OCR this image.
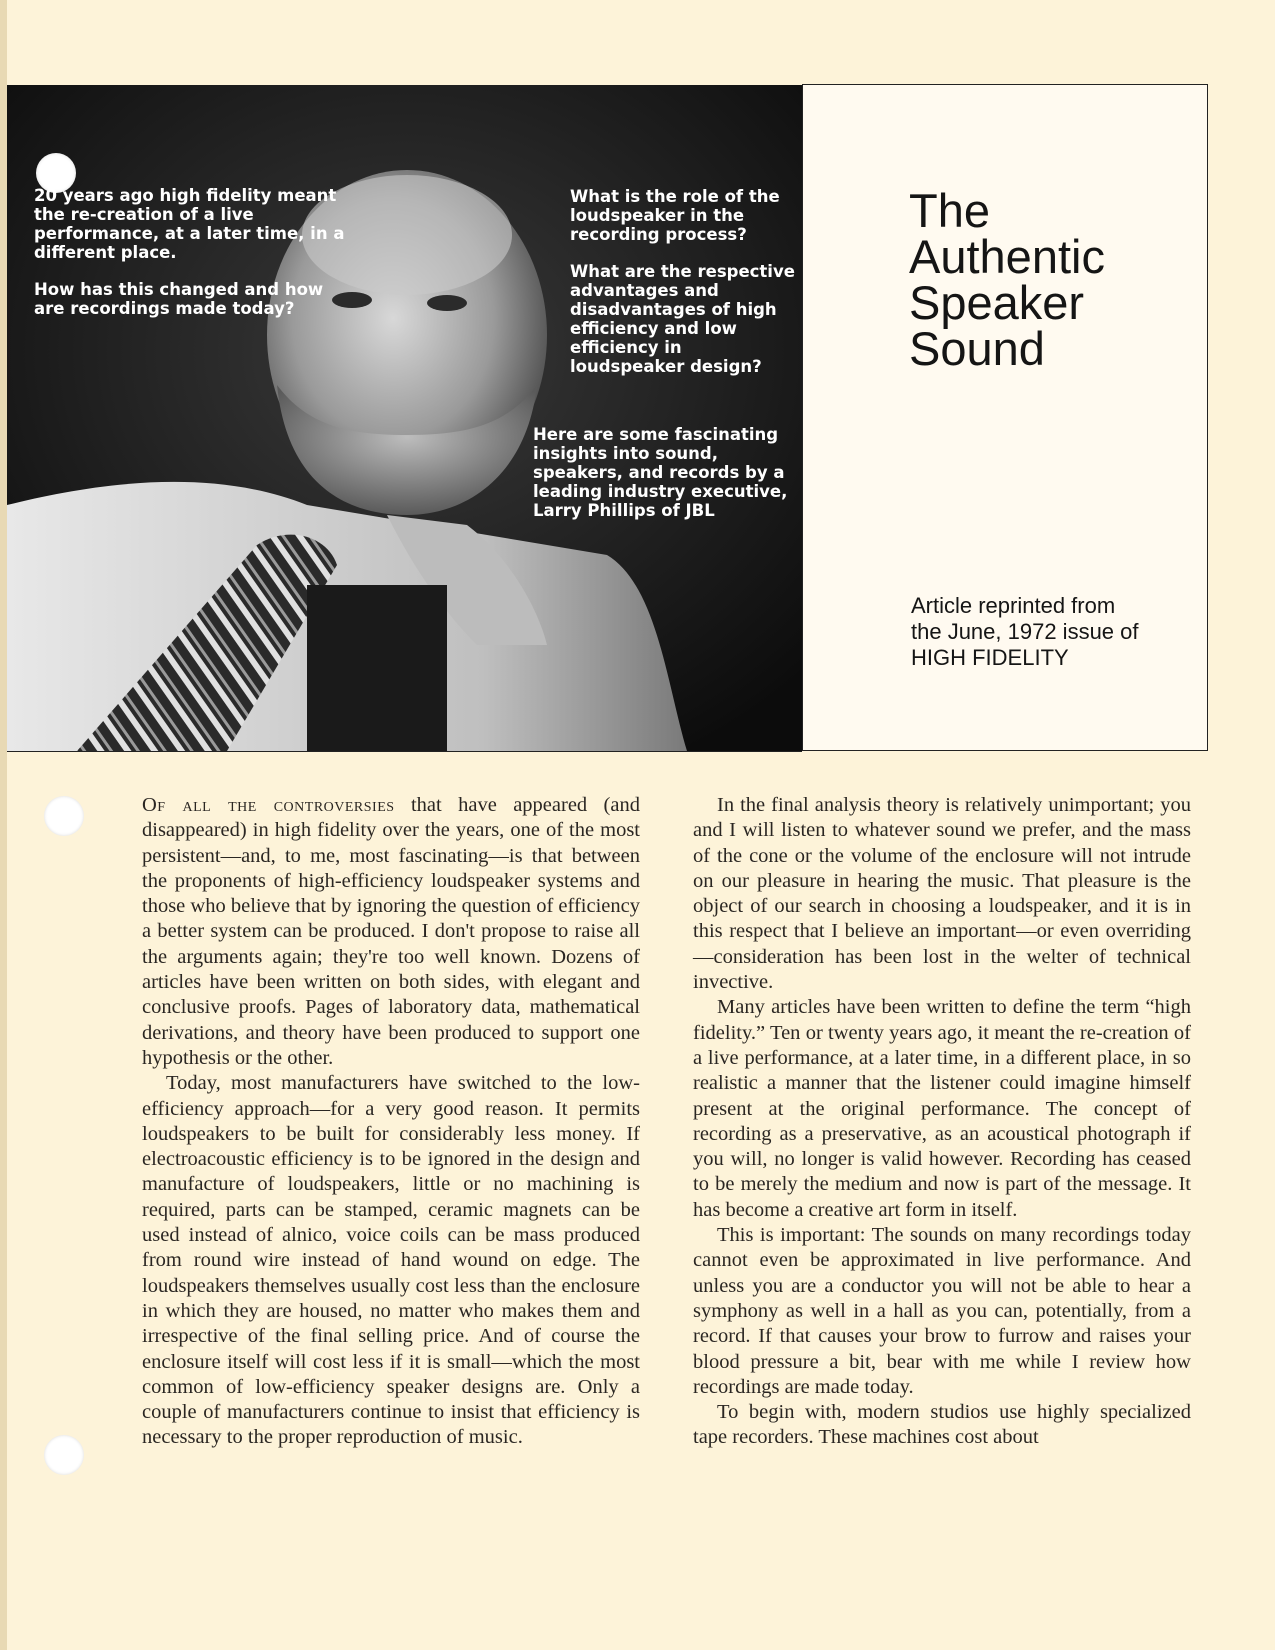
20 years ago high fidelity meant the re-creation of a live performance, at a later time, in a different place.

How has this changed and how are recordings made today?

What is the role of the loudspeaker in the recording process?

What are the respective advantages and disadvantages of high efficiency and low efficiency in loudspeaker design?

Here are some fascinating insights into sound, speakers, and records by a leading industry executive, Larry Phillips of JBL

The
Authentic
Speaker
Sound
Article reprinted from
the June, 1972 issue of
HIGH FIDELITY

Of all the controversies that have appeared (and disappeared) in high fidelity over the years, one of the most persistent—and, to me, most fascinating—is that between the proponents of high-efficiency loudspeaker systems and those who believe that by ignoring the question of efficiency a better system can be produced. I don't propose to raise all the arguments again; they're too well known. Dozens of articles have been written on both sides, with elegant and conclusive proofs. Pages of laboratory data, mathematical derivations, and theory have been produced to support one hypothesis or the other.

Today, most manufacturers have switched to the low-efficiency approach—for a very good reason. It permits loudspeakers to be built for considerably less money. If electroacoustic efficiency is to be ignored in the design and manufacture of loudspeakers, little or no machining is required, parts can be stamped, ceramic magnets can be used instead of alnico, voice coils can be mass produced from round wire instead of hand wound on edge. The loudspeakers themselves usually cost less than the enclosure in which they are housed, no matter who makes them and irrespective of the final selling price. And of course the enclosure itself will cost less if it is small—which the most common of low-efficiency speaker designs are. Only a couple of manufacturers continue to insist that efficiency is necessary to the proper reproduction of music.

In the final analysis theory is relatively unimportant; you and I will listen to whatever sound we prefer, and the mass of the cone or the volume of the enclosure will not intrude on our pleasure in hearing the music. That pleasure is the object of our search in choosing a loudspeaker, and it is in this respect that I believe an important—or even overriding—consideration has been lost in the welter of technical invective.

Many articles have been written to define the term “high fidelity.” Ten or twenty years ago, it meant the re-creation of a live performance, at a later time, in a different place, in so realistic a manner that the listener could imagine himself present at the original performance. The concept of recording as a preservative, as an acoustical photograph if you will, no longer is valid however. Recording has ceased to be merely the medium and now is part of the message. It has become a creative art form in itself.

This is important: The sounds on many recordings today cannot even be approximated in live performance. And unless you are a conductor you will not be able to hear a symphony as well in a hall as you can, potentially, from a record. If that causes your brow to furrow and raises your blood pressure a bit, bear with me while I review how recordings are made today.

To begin with, modern studios use highly specialized tape recorders. These machines cost about
